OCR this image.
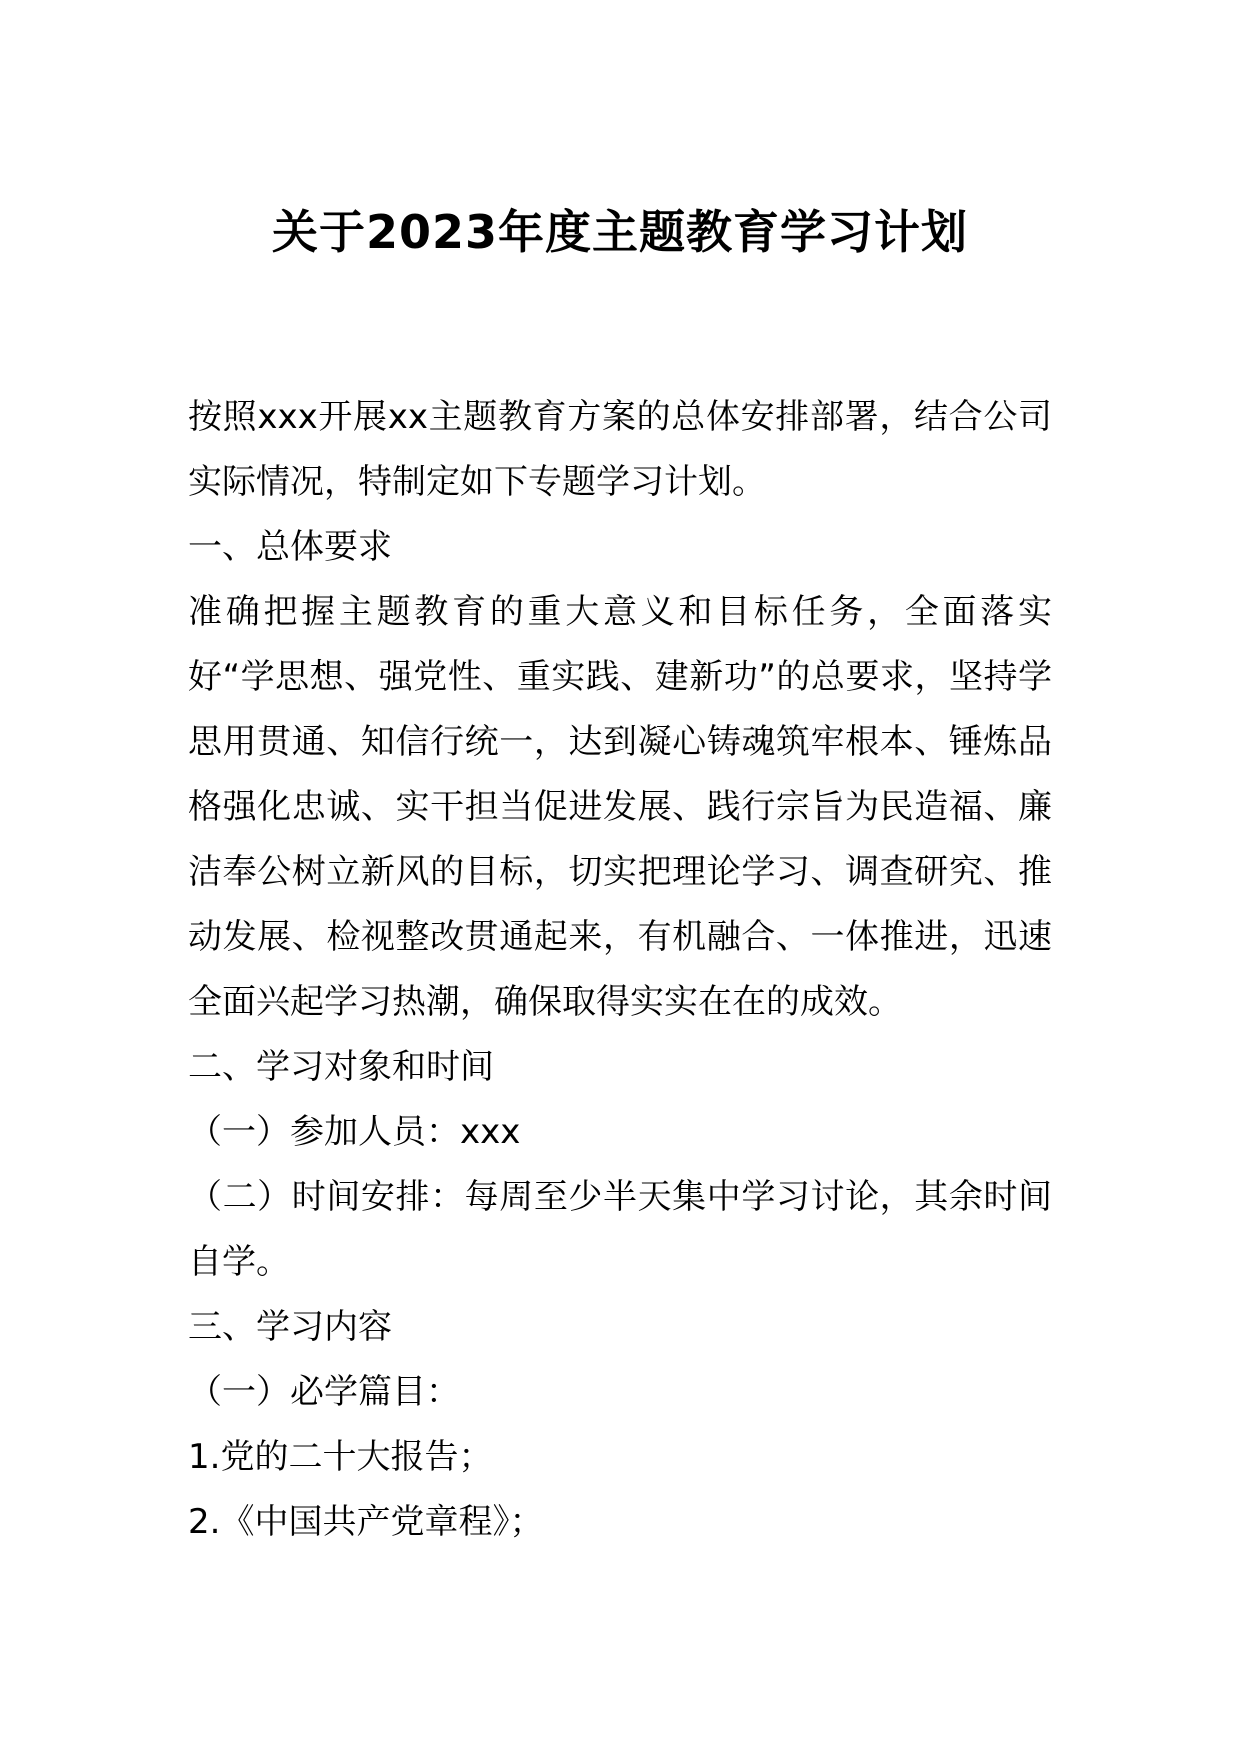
关于2023年度主题教育学习计划

按照xxx开展xx主题教育方案的总体安排部署，结合公司实际情况，特制定如下专题学习计划。

一、总体要求

准确把握主题教育的重大意义和目标任务，全面落实好“学思想、强党性、重实践、建新功”的总要求，坚持学思用贯通、知信行统一，达到凝心铸魂筑牢根本、锤炼品格强化忠诚、实干担当促进发展、践行宗旨为民造福、廉洁奉公树立新风的目标，切实把理论学习、调查研究、推动发展、检视整改贯通起来，有机融合、一体推进，迅速全面兴起学习热潮，确保取得实实在在的成效。

二、学习对象和时间

（一）参加人员：xxx

（二）时间安排：每周至少半天集中学习讨论，其余时间自学。

三、学习内容

（一）必学篇目：

1.党的二十大报告；

2.《中国共产党章程》；
